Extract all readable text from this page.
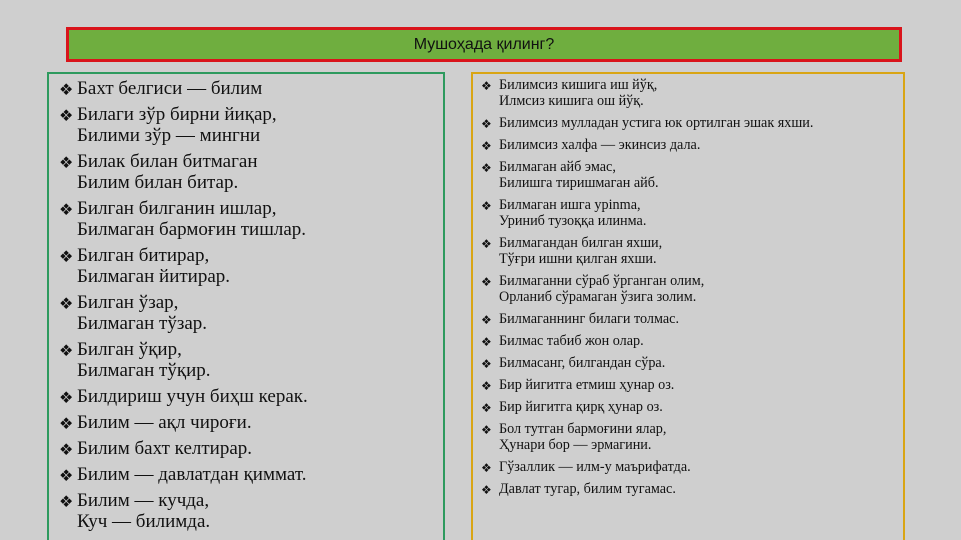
Мушоҳада қилинг?
❖ Бахт белгиси — билим
❖ Билаги зўр бирни йиқар,
Билими зўр — мингни
❖ Билак билан битмаган
Билим билан битар.
❖ Билган билганин ишлар,
Билмаган бармоғин тишлар.
❖ Билган битирар,
Билмаган йитирар.
❖ Билган ўзар,
Билмаган тўзар.
❖ Билган ўқир,
Билмаган тўқир.
❖ Билдириш учун биҳш керак.
❖ Билим — ақл чироғи.
❖ Билим бахт келтирар.
❖ Билим — давлатдан қиммат.
❖ Билим — кучда,
Куч — билимда.
❖ Билимсиз кишига иш йўқ,
Илмсиз кишига ош йўқ.
❖ Билимсиз мулладан устига юк ортилган эшак яхши.
❖ Билимсиз халфа — экинсиз дала.
❖ Билмаган айб эмас,
Билишга тиришмаган айб.
❖ Билмаган ишга урinma,
Уриниб тузоққа илинма.
❖ Билмагандан билган яхши,
Тўғри ишни қилган яхши.
❖ Билмаганни сўраб ўрганган олим,
Орланиб сўрамаган ўзига золим.
❖ Билмаганнинг билаги толмас.
❖ Билмас табиб жон олар.
❖ Билмасанг, билгандан сўра.
❖ Бир йигитга етмиш ҳунар оз.
❖ Бир йигитга қирқ ҳунар оз.
❖ Бол тутган бармоғини ялар,
Ҳунари бор — эрмагини.
❖ Гўзаллик — илм-у маърифатда.
❖ Давлат тугар, билим тугамас.
